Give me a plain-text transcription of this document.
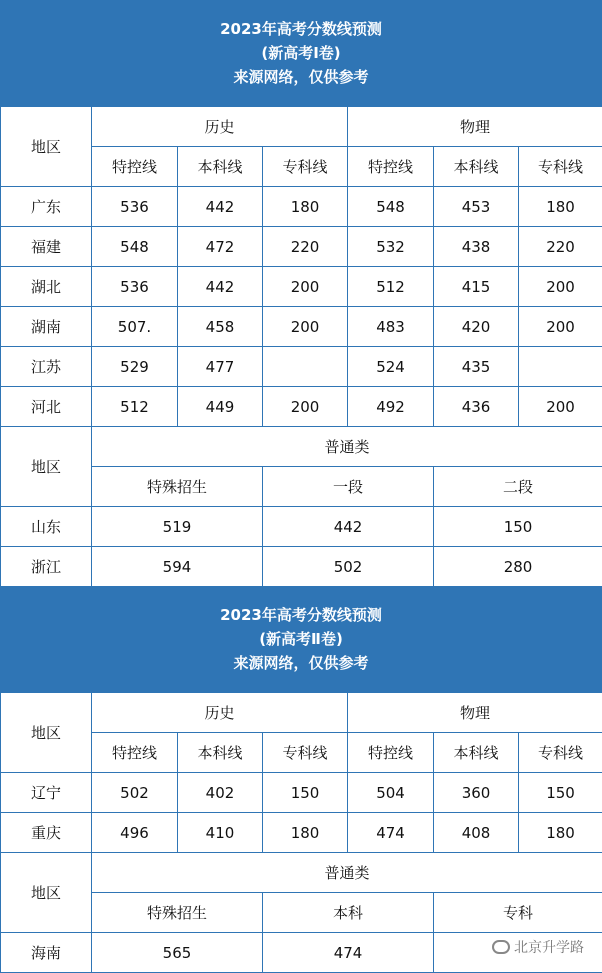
2023年高考分数线预测
(新高考Ⅰ卷)
来源网络，仅供参考
地区	历史			物理		
	特控线	本科线	专科线	特控线	本科线	专科线
广东	536	442	180	548	453	180
福建	548	472	220	532	438	220
湖北	536	442	200	512	415	200
湖南	507.	458	200	483	420	200
江苏	529	477		524	435	
河北	512	449	200	492	436	200
地区	普通类					
	特殊招生		一段		二段	
山东	519		442		150	
浙江	594		502		280	
2023年高考分数线预测
(新高考Ⅱ卷)
来源网络，仅供参考
地区	历史			物理		
	特控线	本科线	专科线	特控线	本科线	专科线
辽宁	502	402	150	504	360	150
重庆	496	410	180	474	408	180
地区	普通类					
	特殊招生		本科		专科	
海南	565		474				北京升学路
